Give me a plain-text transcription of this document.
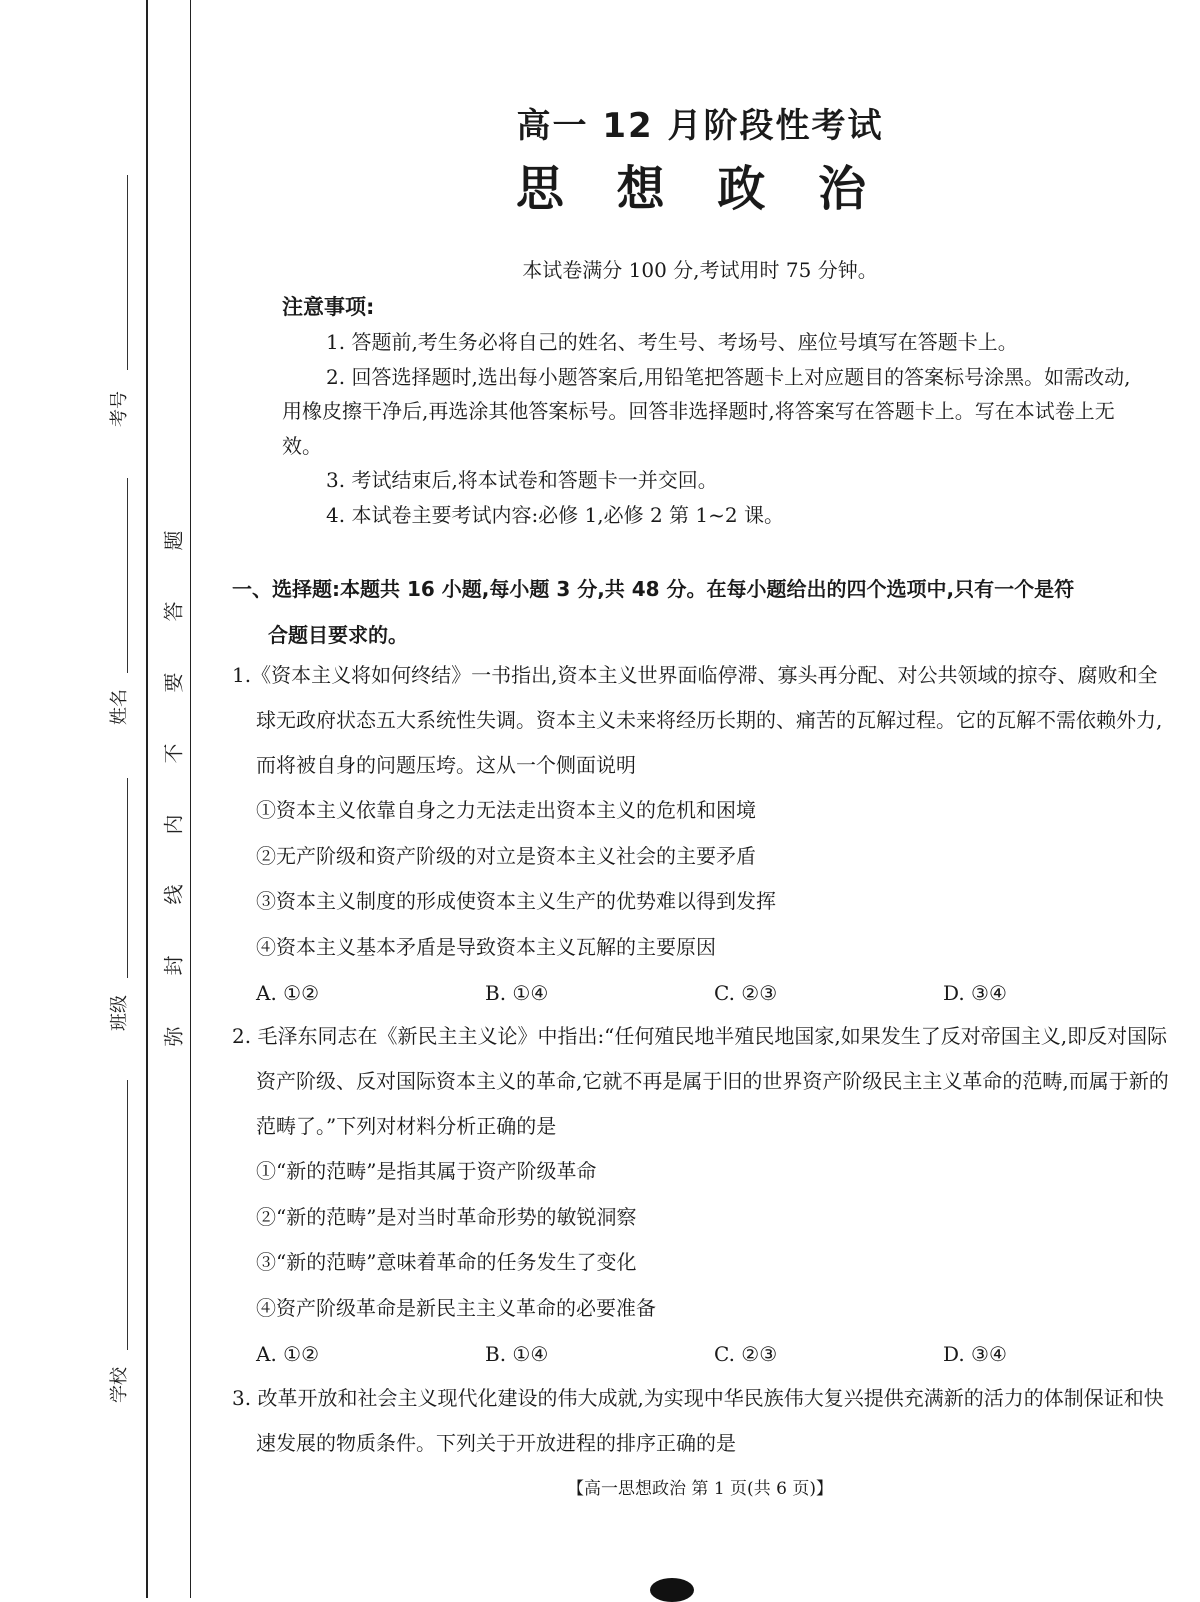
考号
姓名
班级
学校
题
答
要
不
内
线
封
弥
高一 12 月阶段性考试
思 想 政 治
本试卷满分 100 分,考试用时 75 分钟。
注意事项:
1. 答题前,考生务必将自己的姓名、考生号、考场号、座位号填写在答题卡上。
2. 回答选择题时,选出每小题答案后,用铅笔把答题卡上对应题目的答案标号涂黑。如需改动,用橡皮擦干净后,再选涂其他答案标号。回答非选择题时,将答案写在答题卡上。写在本试卷上无效。
3. 考试结束后,将本试卷和答题卡一并交回。
4. 本试卷主要考试内容:必修 1,必修 2 第 1~2 课。
一、选择题:本题共 16 小题,每小题 3 分,共 48 分。在每小题给出的四个选项中,只有一个是符
合题目要求的。

1.《资本主义将如何终结》一书指出,资本主义世界面临停滞、寡头再分配、对公共领域的掠夺、腐败和全球无政府状态五大系统性失调。资本主义未来将经历长期的、痛苦的瓦解过程。它的瓦解不需依赖外力,而将被自身的问题压垮。这从一个侧面说明

①资本主义依靠自身之力无法走出资本主义的危机和困境

②无产阶级和资产阶级的对立是资本主义社会的主要矛盾

③资本主义制度的形成使资本主义生产的优势难以得到发挥

④资本主义基本矛盾是导致资本主义瓦解的主要原因

A. ①②	B. ①④	C. ②③	D. ③④

2. 毛泽东同志在《新民主主义论》中指出:“任何殖民地半殖民地国家,如果发生了反对帝国主义,即反对国际资产阶级、反对国际资本主义的革命,它就不再是属于旧的世界资产阶级民主主义革命的范畴,而属于新的范畴了。”下列对材料分析正确的是

①“新的范畴”是指其属于资产阶级革命

②“新的范畴”是对当时革命形势的敏锐洞察

③“新的范畴”意味着革命的任务发生了变化

④资产阶级革命是新民主主义革命的必要准备

A. ①②	B. ①④	C. ②③	D. ③④

3. 改革开放和社会主义现代化建设的伟大成就,为实现中华民族伟大复兴提供充满新的活力的体制保证和快速发展的物质条件。下列关于开放进程的排序正确的是

【高一思想政治 第 1 页(共 6 页)】
